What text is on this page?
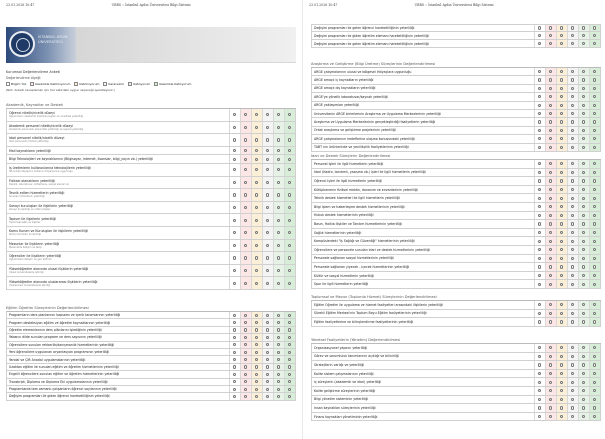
23.01.2026 10:47	UBBS :: İstanbul Aydın Üniversitesi Bilgi Sistemi
İSTANBUL AYDIN ÜNİVERSİTESİ
Kurumsal Değerlendirme Anketi
Değerlendirme ölçeği:
Bilgim Yok	Kesinlikle Katılmıyorum	Katılmıyorum	Kararsızım	Katılıyorum	Kesinlikle Katılıyorum
(Not: Anketi cevaplamak için her satırdaki uygun seçeneği işaretleyiniz.)
Akademik, Kaynaklar ve Destek
Öğrenci nitelik/nicelik düzeyi
Öğrencilerin akademik hazırbulunuşluk ve niceliksel yeterliliği
Akademik personel nitelik/nicelik düzeyi
Akademik personelin alanındaki yetkinliği ve sayısal yeterliliği
İdari personel nitelik/nicelik düzeyi
İdari personelin hizmet yeterliliği
Mali kaynakların yeterliliği
Bilgi Teknolojileri ve kaynaklarının (Bilgisayar, İnternet, lisanslar, bilgi_yayın vb.) yeterliliği
İş üretimlerin kullanıcılarına teknolojilerin yeterliliği
Teknolojik altyapının kullanıcı ihtiyaçlarına uygunluğu
Fiziksel olanakların yeterliliği
Derslik, laboratuvar, kütüphane, sosyal alanlar vb.
Tesnik edilen hizmetlerin yeterliliği
Sunulan hizmetlerin yeterliliği
Sanayi kuruluşları ile ilişkilerin yeterliliği
Sanayi ile işbirliği ve ortak projeler
Toplum ile ilişkilerin yeterliliği
Toplumsal katkı ve ilişkiler
Kamu Kurum ve Kuruluşları ile ilişkilerin yeterliliği
Kamu kurumları ile işbirliği
Mezunlar ile ilişkilerin yeterliliği
Mezunlarla iletişim ve takip
Öğrenciler ile ilişkilerin yeterliliği
Öğrencilerle iletişim ve geri bildirim
Yükseköğretim alanında ulusal ilişkilerin yeterliliği
Ulusal üniversitelerle işbirliği
Yükseköğretim alanında uluslararası ilişkilerin yeterliliği
Uluslararası üniversitelerle işbirliği
Eğitim Öğretim Süreçlerinin Değerlendirilmesi
Programların ders planlarının kapsamı ve içerik tanımlarının yeterliliği
Program desteksiyon eğitim ve öğretim kaynaklarının yeterliliği
Öğretim elemanlarının ders plânlarını işlediğinin yeterliliği
Yabancı dilde sunulan program ve ders sayısının yeterliliği
Öğrencilere sunulan rehberlik/danışmanlık hizmetlerinin yeterliliği
Yeni öğrencilere uygulanan oryantasyon programının yeterliliği
Yandal ve Çift Anadal uygulamalarının yeterliliği
Uzaktan eğitim ile sunulan eğitim ve öğretim hizmetlerinin yeterliliği
Engelli öğrencilere sunulan eğitim ve öğretim hizmetlerinin yeterliliği
Transkript, Diploma ve Diploma Eki uygulamalarının yeterliliği
Programlarda tam zamanlı çalışanların öğrenci sayılarının yeterliliği
Değişim programları ile giden öğrenci hareketliliğinin yeterliliği
23.01.2026 10:47	UBBS :: İstanbul Aydın Üniversitesi Bilgi Sistemi
Değişim programları ile gelen öğrenci hareketliliğinin yeterliliği
Değişim programları ile giden öğretim elemanı hareketliliğinin yeterliliği
Değişim programları ile gelen öğretim elemanı hareketliliğinin yeterliliği
Araştırma ve Geliştirme (Bilgi Üretme) Süreçlerinin Değerlendirilmesi
ARGE çalışmalarının ulusal ve bölgesel ihtiyaçlara uygunluğu
ARGE amaçlı iç kaynakların yeterliliği
ARGE amaçlı dış kaynakların yeterliliği
ARGE'ye yönelik laboratuvar/kaynak yeterliliği
ARGE yaklaşımları yeterliliği
Üniversitenin ARGE birimlerinin Araştırma ve Uygulama Merkezlerinin yeterliliği
Araştırma ve Uygulama Merkezlerinin gerçekleştirdiği faaliyetlerin yeterliliği
Ortak araştırma ve geliştirme projelerinin yeterliliği
ARGE çalışmalarının hedeflerine ulaşma konusundaki yeterliliği
TABT nin ürünlerinde ve yenilikçilik faaliyetlerinin yeterliliği
İdari ve Destek Süreçlerin Değerlendirilmesi
Personel İşleri ile ilgili hizmetlerin yeterliliği
İdari (Kadro, tanıtımlı, yazışma vb.) işleri ile ilgili hizmetlerin yeterliliği
Öğrenci İşleri ile ilgili hizmetlerin yeterliliği
Kütüphanenin fiziksel mekân, donanım ve envanterinin yeterliliği
Teknik destek hizmetleri ile ilgili hizmetlerin yeterliliği
Bilgi İşlem ve haberleşme destek hizmetlerinin yeterliliği
Hukuk destek hizmetlerinin yeterliliği
Basın, Halkla İlişkiler ve Tanıtım hizmetlerinin yeterliliği
Sağlık hizmetlerinin yeterliliği
Kampüslerdeki "İş Sağlığı ve Güvenliği" hizmetlerinin yeterliliği
Öğrencilere ve personele sunulan idari ve destek hizmetlerinin yeterliliği
Personele sağlanan sosyal hizmetlerinin yeterliliği
Personele sağlanan yiyecek - içecek hizmetlerinin yeterliliği
Kültür ve sosyal hizmetlerin yeterliliği
Spor ile ilgili hizmetlerin yeterliliği
Toplumsal ve Mezun (Toplumla Hizmet) Süreçlerinin Değerlendirilmesi
Eğitim Öğretim ile uygulama ve hizmet faaliyetleri arasındaki ilişkilerin yeterliliği
Sürekli Eğitim Merkezi'nin Toplum Boyu Eğitim faaliyetlerinin yeterliliği
Eğitim faaliyetlerine ve bilinçlendirme faaliyetlerinin yeterliliği
Yönetsel Faaliyetlerin (Yönetim) Değerlendirilmesi
Organizasyonel yapının yeterliliği
Görev ve sorumluluk tanımlarının açıklığı ve bilinirliği
Stratejilerin varlığı ve yeterliliği
Kalite sistem çalışmalarının yeterliliği
İç süreçlerin (akademik ve idari) yeterliliği
Kalite geliştirme süreçlerinin yeterliliği
Bilgi yönetim sisteminin yeterliliği
İnsan kaynakları süreçlerinin yeterliliği
Finans kaynakları yönetiminin yeterliliği
